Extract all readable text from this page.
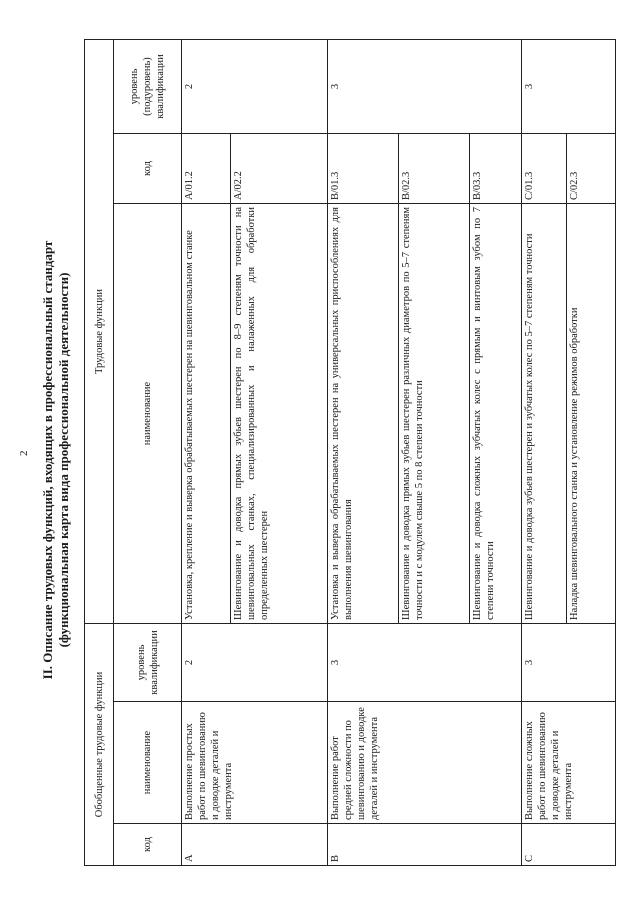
2 II. Описание трудовых функций, входящих в профессиональный стандарт (функциональная карта вида профессиональной деятельности)
Обобщенные трудовые функции			Трудовые функции		
код	наименование	уровень квалификации	наименование	код	уровень (подуровень) квалификации
A	Выполнение простых работ по шевингованию и доводке деталей и инструмента	2	Установка, крепление и выверка обрабатываемых шестерен на шевинговальном станке	A/01.2	2
			Шевингование и доводка прямых зубьев шестерен по 8–9 степеням точности на шевинговальных станках, специализированных и налаженных для обработки определенных шестерен	A/02.2	
B	Выполнение работ средней сложности по шевингованию и доводке деталей и инструмента	3	Установка и выверка обрабатываемых шестерен на универсальных приспособлениях для выполнения шевингования	B/01.3	3
			Шевингование и доводка прямых зубьев шестерен различных диаметров по 5–7 степеням точности и с модулем свыше 5 по 8 степени точности	B/02.3	
			Шевингование и доводка сложных зубчатых колес с прямым и винтовым зубом по 7 степени точности	B/03.3	
C	Выполнение сложных работ по шевингованию и доводке деталей и инструмента	3	Шевингование и доводка зубьев шестерен и зубчатых колес по 5–7 степеням точности	C/01.3	3
			Наладка шевинговального станка и установление режимов обработки	C/02.3	
